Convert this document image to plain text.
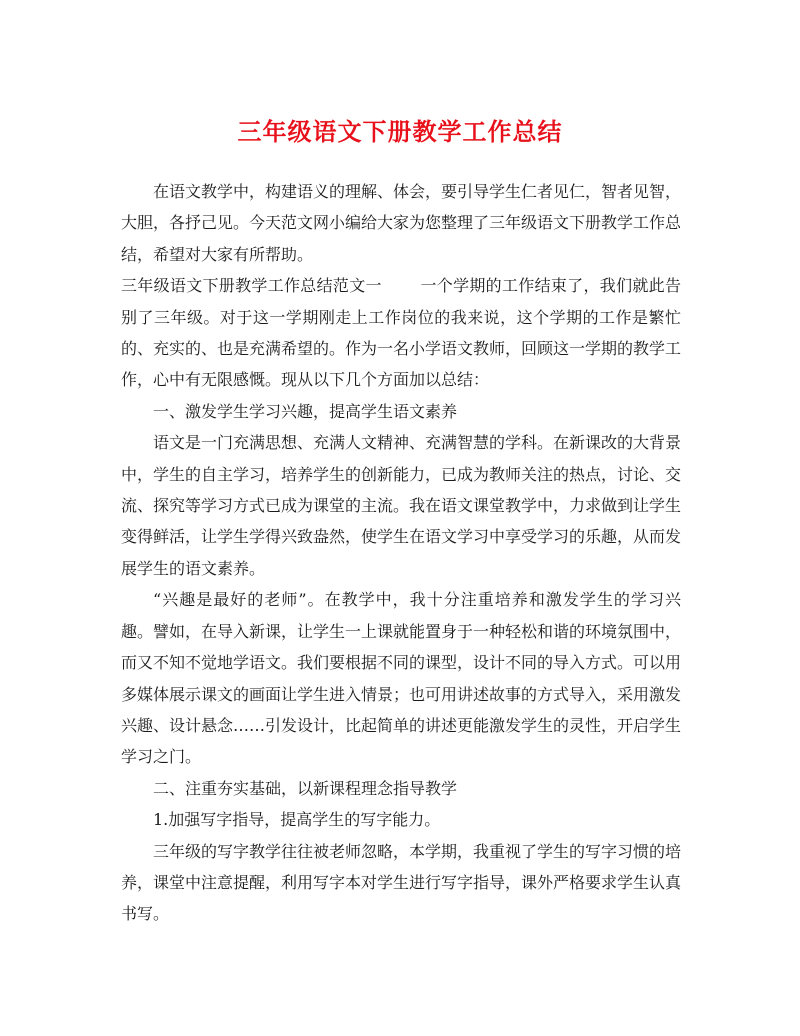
三年级语文下册教学工作总结

在语文教学中，构建语义的理解、体会，要引导学生仁者见仁，智者见智，大胆，各抒己见。今天范文网小编给大家为您整理了三年级语文下册教学工作总结，希望对大家有所帮助。

三年级语文下册教学工作总结范文一 一个学期的工作结束了，我们就此告别了三年级。对于这一学期刚走上工作岗位的我来说，这个学期的工作是繁忙的、充实的、也是充满希望的。作为一名小学语文教师，回顾这一学期的教学工作，心中有无限感慨。现从以下几个方面加以总结：

一、激发学生学习兴趣，提高学生语文素养

语文是一门充满思想、充满人文精神、充满智慧的学科。在新课改的大背景中，学生的自主学习，培养学生的创新能力，已成为教师关注的热点，讨论、交流、探究等学习方式已成为课堂的主流。我在语文课堂教学中，力求做到让学生变得鲜活，让学生学得兴致盎然，使学生在语文学习中享受学习的乐趣，从而发展学生的语文素养。

“兴趣是最好的老师”。在教学中，我十分注重培养和激发学生的学习兴趣。譬如，在导入新课，让学生一上课就能置身于一种轻松和谐的环境氛围中，而又不知不觉地学语文。我们要根据不同的课型，设计不同的导入方式。可以用多媒体展示课文的画面让学生进入情景；也可用讲述故事的方式导入，采用激发兴趣、设计悬念……引发设计，比起简单的讲述更能激发学生的灵性，开启学生学习之门。

二、注重夯实基础，以新课程理念指导教学

1.加强写字指导，提高学生的写字能力。

三年级的写字教学往往被老师忽略，本学期，我重视了学生的写字习惯的培养，课堂中注意提醒，利用写字本对学生进行写字指导，课外严格要求学生认真书写。
